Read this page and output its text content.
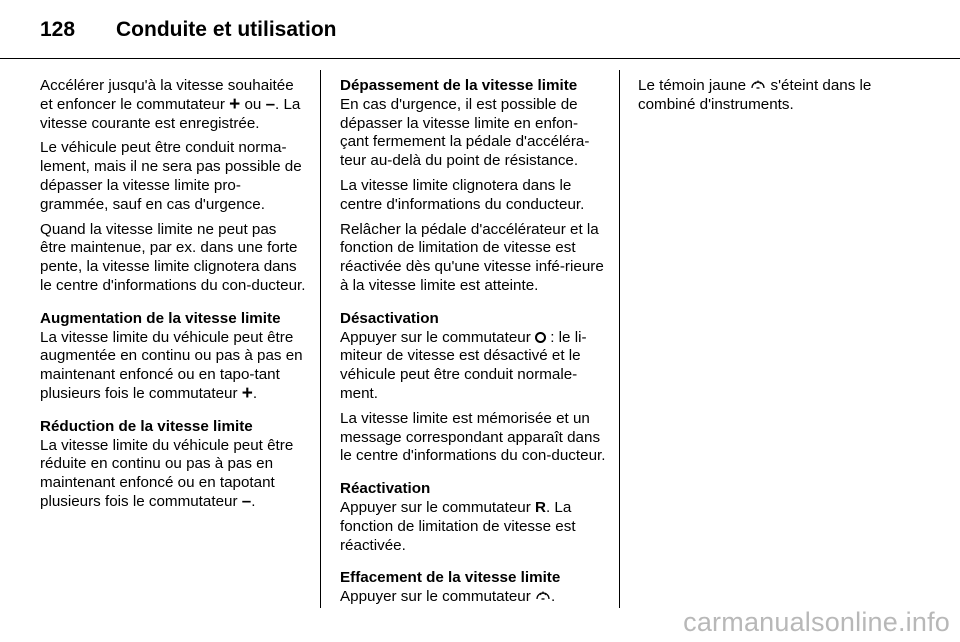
128	Conduite et utilisation

Accélérer jusqu'à la vitesse souhaitée et enfoncer le commutateur + ou –. La vitesse courante est enregistrée.

Le véhicule peut être conduit norma-lement, mais il ne sera pas possible de dépasser la vitesse limite pro-grammée, sauf en cas d'urgence.

Quand la vitesse limite ne peut pas être maintenue, par ex. dans une forte pente, la vitesse limite clignotera dans le centre d'informations du con-ducteur.

Augmentation de la vitesse limite

La vitesse limite du véhicule peut être augmentée en continu ou pas à pas en maintenant enfoncé ou en tapo-tant plusieurs fois le commutateur +.

Réduction de la vitesse limite

La vitesse limite du véhicule peut être réduite en continu ou pas à pas en maintenant enfoncé ou en tapotant plusieurs fois le commutateur –.

Dépassement de la vitesse limite

En cas d'urgence, il est possible de dépasser la vitesse limite en enfon-çant fermement la pédale d'accéléra-teur au-delà du point de résistance.

La vitesse limite clignotera dans le centre d'informations du conducteur.

Relâcher la pédale d'accélérateur et la fonction de limitation de vitesse est réactivée dès qu'une vitesse infé-rieure à la vitesse limite est atteinte.

Désactivation

Appuyer sur le commutateur  : le li-miteur de vitesse est désactivé et le véhicule peut être conduit normale-ment.

La vitesse limite est mémorisée et un message correspondant apparaît dans le centre d'informations du con-ducteur.

Réactivation

Appuyer sur le commutateur R. La fonction de limitation de vitesse est réactivée.

Effacement de la vitesse limite

Appuyer sur le commutateur .

Le témoin jaune  s'éteint dans le combiné d'instruments.

carmanualsonline.info
